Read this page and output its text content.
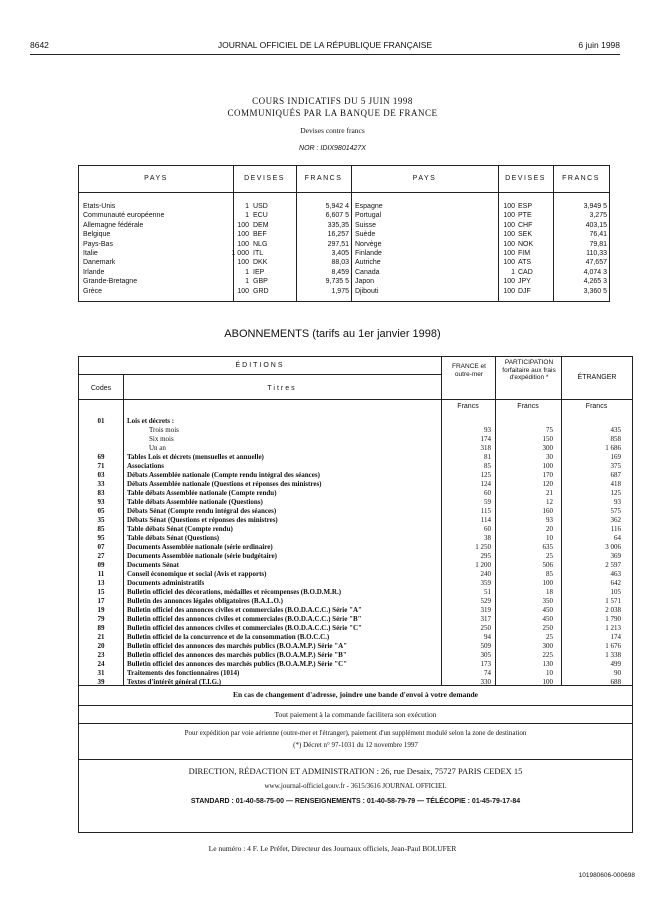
8642	JOURNAL OFFICIEL DE LA RÉPUBLIQUE FRANÇAISE	6 juin 1998
COURS INDICATIFS DU 5 JUIN 1998
COMMUNIQUÉS PAR LA BANQUE DE FRANCE
Devises contre francs
NOR : IDIX9801427X
PAYS	DEVISES	FRANCS	PAYS	DEVISES	FRANCS
Etats-Unis	1 USD	5,942 4
Communauté européenne	1 ECU	6,607 5
Allemagne fédérale	100 DEM	335,35
Belgique	100 BEF	16,257
Pays-Bas	100 NLG	297,51
Italie	1 000 ITL	3,405
Danemark	100 DKK	88,03
Irlande	1 IEP	8,459
Grande-Bretagne	1 GBP	9,735 5
Grèce	100 GRD	1,975
Espagne	100 ESP	3,949 5
Portugal	100 PTE	3,275
Suisse	100 CHF	403,15
Suède	100 SEK	76,41
Norvège	100 NOK	79,81
Finlande	100 FIM	110,33
Autriche	100 ATS	47,657
Canada	1 CAD	4,074 3
Japon	100 JPY	4,265 3
Djibouti	100 DJF	3,360 5
ABONNEMENTS (tarifs au 1er janvier 1998)
ÉDITIONS
Codes	Titres
FRANCE et outre-mer
PARTICIPATION forfaitaire aux frais d'expédition *	ÉTRANGER
Francs	Francs	Francs
01	Lois et décrets :
Trois mois	93	75	435
Six mois	174	150	858
Un an	318	300	1 686
69	Tables Lois et décrets (mensuelles et annuelle)	81	30	169
71	Associations	85	100	375
03	Débats Assemblée nationale (Compte rendu intégral des séances)	125	170	687
33	Débats Assemblée nationale (Questions et réponses des ministres)	124	120	418
83	Table débats Assemblée nationale (Compte rendu)	60	21	125
93	Table débats Assemblée nationale (Questions)	59	12	93
05	Débats Sénat (Compte rendu intégral des séances)	115	160	575
35	Débats Sénat (Questions et réponses des ministres)	114	93	362
85	Table débats Sénat (Compte rendu)	60	20	116
95	Table débats Sénat (Questions)	38	10	64
07	Documents Assemblée nationale (série ordinaire)	1 250	635	3 006
27	Documents Assemblée nationale (série budgétaire)	295	25	369
09	Documents Sénat	1 200	506	2 597
11	Conseil économique et social (Avis et rapports)	240	85	463
13	Documents administratifs	359	100	642
15	Bulletin officiel des décorations, médailles et récompenses (B.O.D.M.R.)	51	18	105
17	Bulletin des annonces légales obligatoires (B.A.L.O.)	529	350	1 571
19	Bulletin officiel des annonces civiles et commerciales (B.O.D.A.C.C.) Série "A"	319	450	2 038
79	Bulletin officiel des annonces civiles et commerciales (B.O.D.A.C.C.) Série "B"	317	450	1 790
89	Bulletin officiel des annonces civiles et commerciales (B.O.D.A.C.C.) Série "C"	250	250	1 213
21	Bulletin officiel de la concurrence et de la consommation (B.O.C.C.)	94	25	174
20	Bulletin officiel des annonces des marchés publics (B.O.A.M.P.) Série "A"	509	300	1 676
23	Bulletin officiel des annonces des marchés publics (B.O.A.M.P.) Série "B"	305	225	1 338
24	Bulletin officiel des annonces des marchés publics (B.O.A.M.P.) Série "C"	173	130	499
31	Traitements des fonctionnaires (1014)	74	10	90
39	Textes d'intérêt général (T.I.G.)	330	100	688
En cas de changement d'adresse, joindre une bande d'envoi à votre demande
Tout paiement à la commande facilitera son exécution
Pour expédition par voie aérienne (outre-mer et l'étranger), paiement d'un supplément modulé selon la zone de destination
(*) Décret n° 97-1031 du 12 novembre 1997
DIRECTION, RÉDACTION ET ADMINISTRATION : 26, rue Desaix, 75727 PARIS CEDEX 15
www.journal-officiel.gouv.fr - 3615/3616 JOURNAL OFFICIEL
STANDARD : 01-40-58-75-00 — RENSEIGNEMENTS : 01-40-58-79-79 — TÉLÉCOPIE : 01-45-79-17-84
Le numéro : 4 F. Le Préfet, Directeur des Journaux officiels, Jean-Paul BOLUFER
101980606-000698
